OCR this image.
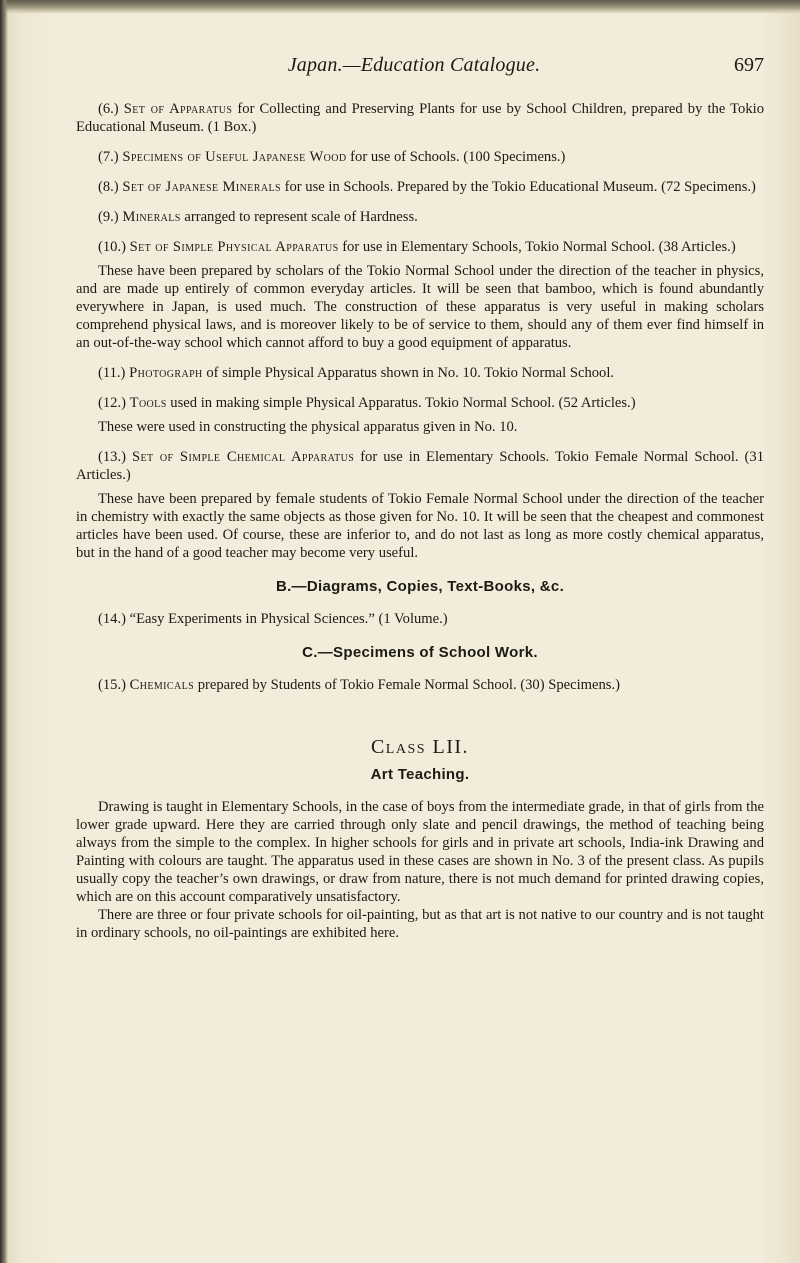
Japan.—Education Catalogue.	697

(6.) Set of Apparatus for Collecting and Preserving Plants for use by School Children, prepared by the Tokio Educational Museum. (1 Box.)

(7.) Specimens of Useful Japanese Wood for use of Schools. (100 Specimens.)

(8.) Set of Japanese Minerals for use in Schools. Prepared by the Tokio Educational Museum. (72 Specimens.)

(9.) Minerals arranged to represent scale of Hardness.

(10.) Set of Simple Physical Apparatus for use in Elementary Schools, Tokio Normal School. (38 Articles.)

These have been prepared by scholars of the Tokio Normal School under the direction of the teacher in physics, and are made up entirely of common everyday articles. It will be seen that bamboo, which is found abundantly everywhere in Japan, is used much. The construction of these apparatus is very useful in making scholars comprehend physical laws, and is moreover likely to be of service to them, should any of them ever find himself in an out-of-the-way school which cannot afford to buy a good equipment of apparatus.

(11.) Photograph of simple Physical Apparatus shown in No. 10. Tokio Normal School.

(12.) Tools used in making simple Physical Apparatus. Tokio Normal School. (52 Articles.)

These were used in constructing the physical apparatus given in No. 10.

(13.) Set of Simple Chemical Apparatus for use in Elementary Schools. Tokio Female Normal School. (31 Articles.)

These have been prepared by female students of Tokio Female Normal School under the direction of the teacher in chemistry with exactly the same objects as those given for No. 10. It will be seen that the cheapest and commonest articles have been used. Of course, these are inferior to, and do not last as long as more costly chemical apparatus, but in the hand of a good teacher may become very useful.

B.—Diagrams, Copies, Text-Books, &c.

(14.) “Easy Experiments in Physical Sciences.” (1 Volume.)

C.—Specimens of School Work.

(15.) Chemicals prepared by Students of Tokio Female Normal School. (30) Specimens.)

Class LII.
Art Teaching.

Drawing is taught in Elementary Schools, in the case of boys from the intermediate grade, in that of girls from the lower grade upward. Here they are carried through only slate and pencil drawings, the method of teaching being always from the simple to the complex. In higher schools for girls and in private art schools, India-ink Drawing and Painting with colours are taught. The apparatus used in these cases are shown in No. 3 of the present class. As pupils usually copy the teacher’s own drawings, or draw from nature, there is not much demand for printed drawing copies, which are on this account comparatively unsatisfactory.

There are three or four private schools for oil-painting, but as that art is not native to our country and is not taught in ordinary schools, no oil-paintings are exhibited here.
